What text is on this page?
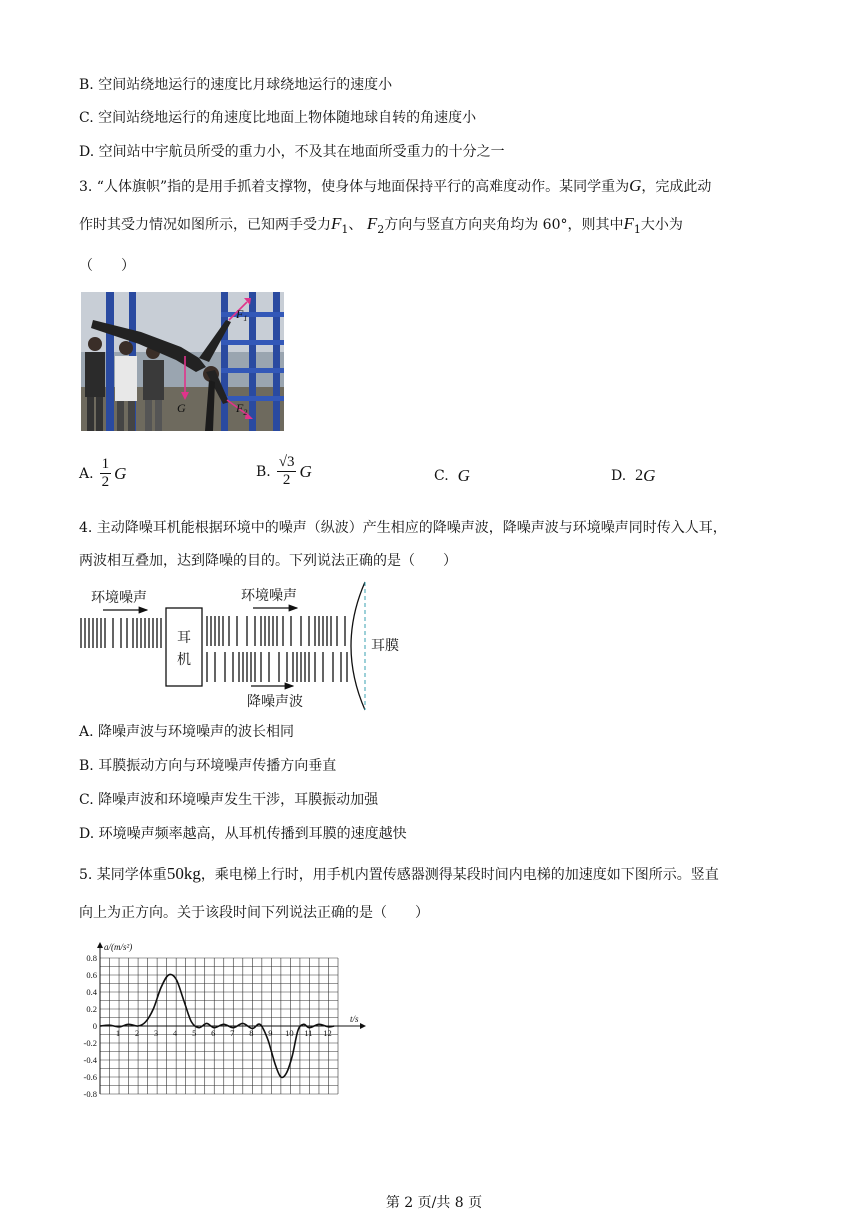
B. 空间站绕地运行的速度比月球绕地运行的速度小
C. 空间站绕地运行的角速度比地面上物体随地球自转的角速度小
D. 空间站中宇航员所受的重力小，不及其在地面所受重力的十分之一
3. “人体旗帜”指的是用手抓着支撑物，使身体与地面保持平行的高难度动作。某同学重为G，完成此动
作时其受力情况如图所示，已知两手受力$F_1$、 $F_2$方向与竖直方向夹角均为 60°，则其中$F_1$大小为
（　　）
$F_1$
G	$F_2$
A. $\frac{1}{2}$ G	B. $\frac{√3}{2}$ G	C.
G	D.
2 G
4. 主动降噪耳机能根据环境中的噪声（纵波）产生相应的降噪声波，降噪声波与环境噪声同时传入人耳，
两波相互叠加，达到降噪的目的。下列说法正确的是（　　）
耳
机
环境噪声	环境噪声
降噪声波
耳膜
A. 降噪声波与环境噪声的波长相同
B. 耳膜振动方向与环境噪声传播方向垂直
C. 降噪声波和环境噪声发生干涉，耳膜振动加强
D. 环境噪声频率越高，从耳机传播到耳膜的速度越快
5. 某同学体重50kg，乘电梯上行时，用手机内置传感器测得某段时间内电梯的加速度如下图所示。竖直
向上为正方向。关于该段时间下列说法正确的是（　　）
0.8
0.6
0.4
0.2
0
-0.2
-0.4
-0.6
-0.8
1 2 3 4 5 6 7 8 9 10 11 12
a/(m/s²)
t/s
第 2 页/共 8 页
